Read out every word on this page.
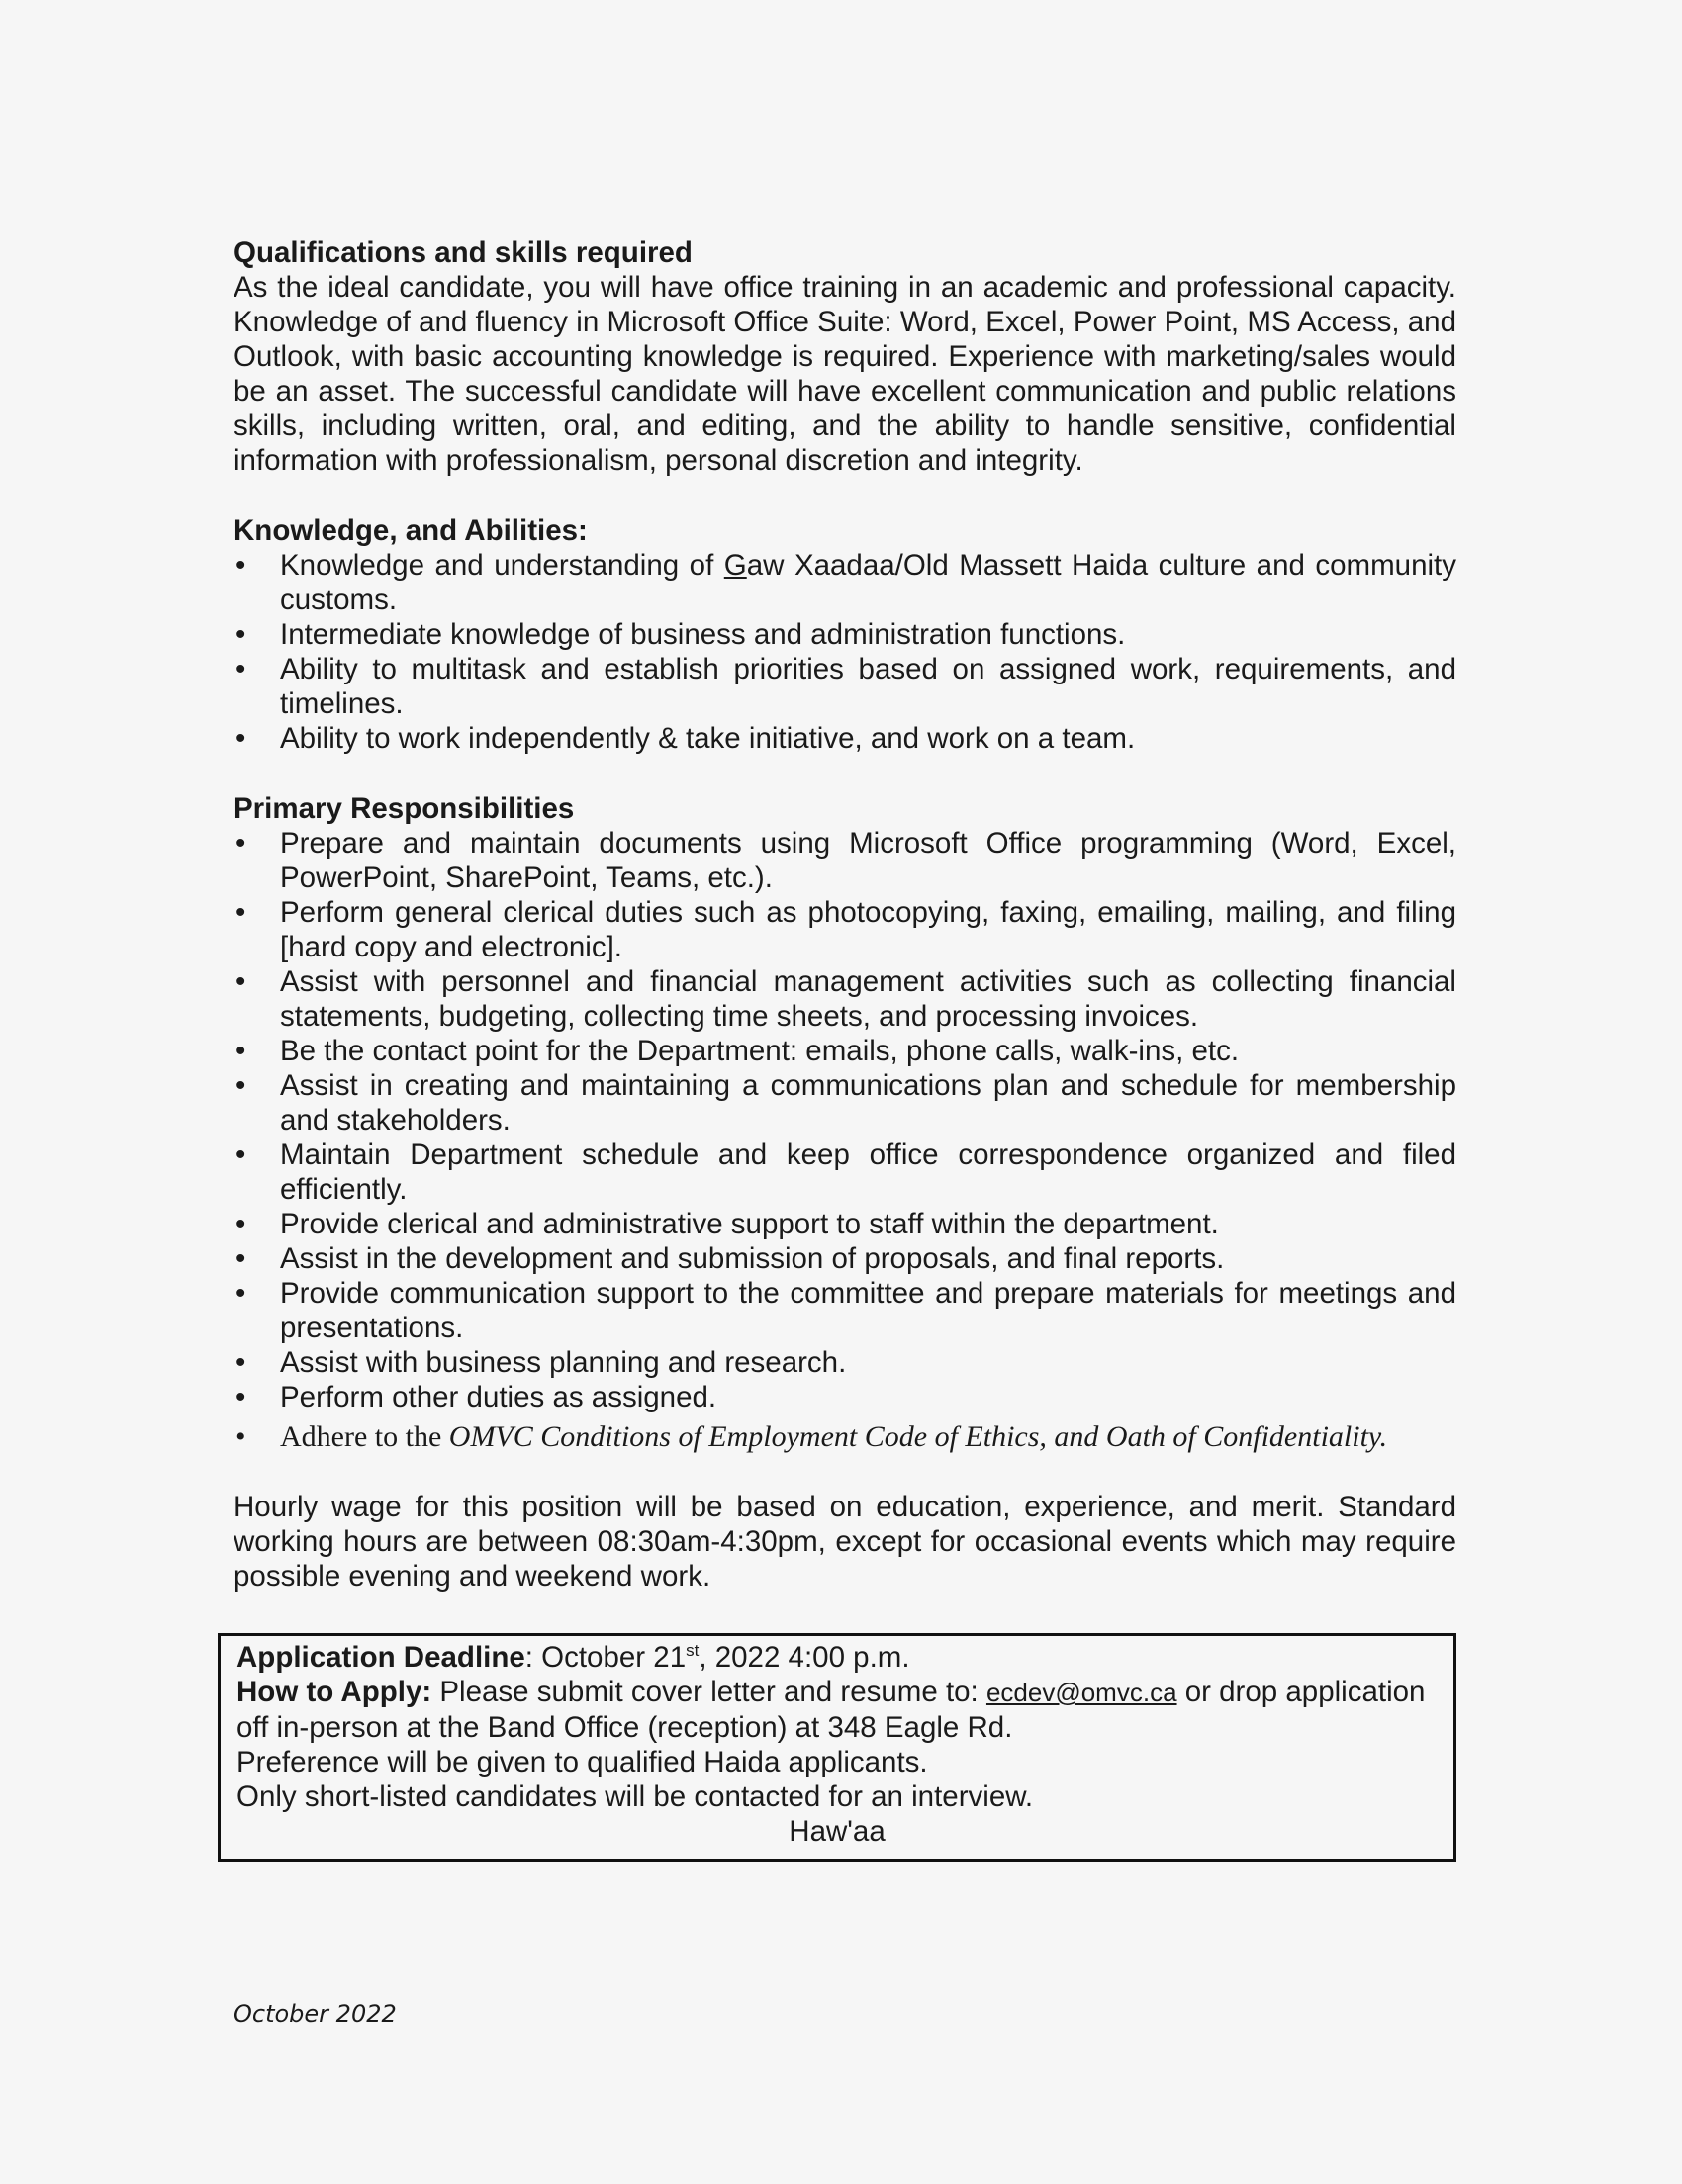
Qualifications and skills required

As the ideal candidate, you will have office training in an academic and professional capacity. Knowledge of and fluency in Microsoft Office Suite: Word, Excel, Power Point, MS Access, and Outlook, with basic accounting knowledge is required. Experience with marketing/sales would be an asset. The successful candidate will have excellent communication and public relations skills, including written, oral, and editing, and the ability to handle sensitive, confidential information with professionalism, personal discretion and integrity.

Knowledge, and Abilities:
•	Knowledge and understanding of Gaw Xaadaa/Old Massett Haida culture and community customs.
•	Intermediate knowledge of business and administration functions.
•	Ability to multitask and establish priorities based on assigned work, requirements, and timelines.
•	Ability to work independently & take initiative, and work on a team.
Primary Responsibilities
•	Prepare and maintain documents using Microsoft Office programming (Word, Excel, PowerPoint, SharePoint, Teams, etc.).
•	Perform general clerical duties such as photocopying, faxing, emailing, mailing, and filing [hard copy and electronic].
•	Assist with personnel and financial management activities such as collecting financial statements, budgeting, collecting time sheets, and processing invoices.
•	Be the contact point for the Department: emails, phone calls, walk-ins, etc.
•	Assist in creating and maintaining a communications plan and schedule for membership and stakeholders.
•	Maintain Department schedule and keep office correspondence organized and filed efficiently.
•	Provide clerical and administrative support to staff within the department.
•	Assist in the development and submission of proposals, and final reports.
•	Provide communication support to the committee and prepare materials for meetings and presentations.
•	Assist with business planning and research.
•	Perform other duties as assigned.
•	Adhere to the OMVC Conditions of Employment Code of Ethics, and Oath of Confidentiality.

Hourly wage for this position will be based on education, experience, and merit. Standard working hours are between 08:30am-4:30pm, except for occasional events which may require possible evening and weekend work.

Application Deadline: October 21st, 2022 4:00 p.m.
How to Apply: Please submit cover letter and resume to: ecdev@omvc.ca or drop application off in-person at the Band Office (reception) at 348 Eagle Rd.
Preference will be given to qualified Haida applicants.
Only short-listed candidates will be contacted for an interview.
Haw'aa
October 2022
